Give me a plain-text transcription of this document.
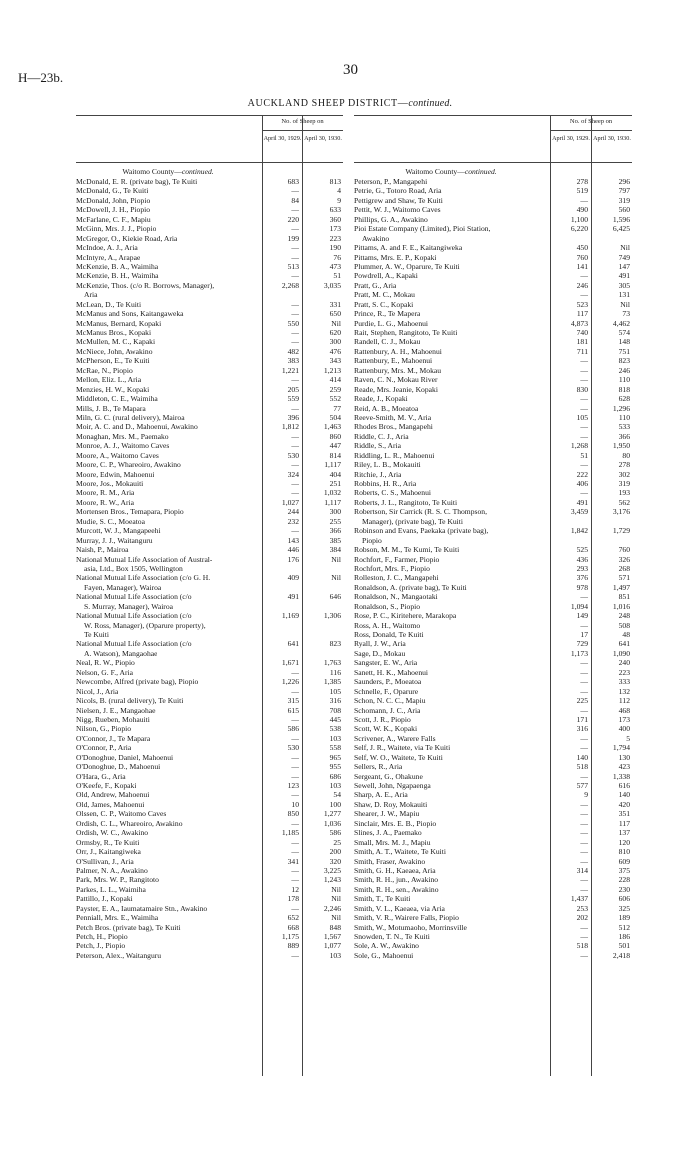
H—23b.	30
AUCKLAND SHEEP DISTRICT—continued.
No. of Sheep on
April 30, 1929. April 30, 1930.
Waitomo County—continued.
McDonald, E. R. (private bag), Te Kuiti	683	813
McDonald, G., Te Kuiti	—	4
McDonald, John, Piopio	84	9
McDowell, J. H., Piopio	—	633
McFarlane, C. F., Mapiu	220	360
McGinn, Mrs. J. J., Piopio	—	173
McGregor, O., Kiekie Road, Aria	199	223
McIndoe, A. J., Aria	—	190
McIntyre, A., Arapae	—	76
McKenzie, B. A., Waimiha	513	473
McKenzie, B. H., Waimiha	—	51
McKenzie, Thos. (c/o R. Borrows, Manager),	2,268	3,035
Aria
McLean, D., Te Kuiti	—	331
McManus and Sons, Kaitangaweka	—	650
McManus, Bernard, Kopaki	550	Nil
McManus Bros., Kopaki	—	620
McMullen, M. C., Kapaki	—	300
McNiece, John, Awakino	482	476
McPherson, E., Te Kuiti	383	343
McRae, N., Piopio	1,221	1,213
Mellon, Eliz. L., Aria	—	414
Menzies, H. W., Kopaki	205	259
Middleton, C. E., Waimiha	559	552
Mills, J. B., Te Mapara	—	77
Miln, G. C. (rural delivery), Mairoa	396	504
Moir, A. C. and D., Mahoenui, Awakino	1,812	1,463
Monaghan, Mrs. M., Paemako	—	860
Monroe, A. J., Waitomo Caves	—	447
Moore, A., Waitomo Caves	530	814
Moore, C. P., Whareoiro, Awakino	—	1,117
Moore, Edwin, Mahoenui	324	404
Moore, Jos., Mokauiti	—	251
Moore, R. M., Aria	—	1,032
Moore, R. W., Aria	1,027	1,117
Mortensen Bros., Temapara, Piopio	244	300
Mudie, S. C., Moeatoa	232	255
Murcott, W. J., Mangapeehi	—	366
Murray, J. J., Waitanguru	143	385
Naish, P., Mairoa	446	384
National Mutual Life Association of Austral-	176	Nil
asia, Ltd., Box 1505, Wellington
National Mutual Life Association (c/o G. H.	409	Nil
Fayen, Manager), Wairoa
National Mutual Life Association (c/o	491	646
S. Murray, Manager), Wairoa
National Mutual Life Association (c/o	1,169	1,306
W. Ross, Manager), (Oparure property),
Te Kuiti
National Mutual Life Association (c/o	641	823
A. Watson), Mangaohae
Neal, R. W., Piopio	1,671	1,763
Nelson, G. F., Aria	—	116
Newcombe, Alfred (private bag), Piopio	1,226	1,385
Nicol, J., Aria	—	105
Nicols, B. (rural delivery), Te Kuiti	315	316
Nielsen, J. E., Mangaohae	615	708
Nigg, Rueben, Mohauiti	—	445
Nilson, G., Piopio	586	538
O'Connor, J., Te Mapara	—	103
O'Connor, P., Aria	530	558
O'Donoghue, Daniel, Mahoenui	—	965
O'Donoghue, D., Mahoenui	—	955
O'Hara, G., Aria	—	686
O'Keefe, F., Kopaki	123	103
Old, Andrew, Mahoenui	—	54
Old, James, Mahoenui	10	100
Olssen, C. P., Waitomo Caves	850	1,277
Ordish, C. L., Whareoiro, Awakino	—	1,036
Ordish, W. C., Awakino	1,185	586
Ormsby, R., Te Kuiti	—	25
Orr, J., Kaitangiweka	—	200
O'Sullivan, J., Aria	341	320
Palmer, N. A., Awakino	—	3,225
Park, Mrs. W. P., Rangitoto	—	1,243
Parkes, L. L., Waimiha	12	Nil
Pattillo, J., Kopaki	178	Nil
Payster, E. A., Iaumatamaire Stn., Awakino	—	2,246
Penniall, Mrs. E., Waimiha	652	Nil
Petch Bros. (private bag), Te Kuiti	668	848
Petch, H., Piopio	1,175	1,567
Petch, J., Piopio	889	1,077
Peterson, Alex., Waitanguru	—	103
No. of Sheep on
April 30, 1929. April 30, 1930.
Waitomo County—continued.
Peterson, P., Mangapehi	278	296
Petrie, G., Totoro Road, Aria	519	797
Pettigrew and Shaw, Te Kuiti	—	319
Pettit, W. J., Waitomo Caves	490	560
Phillips, G. A., Awakino	1,100	1,596
Pioi Estate Company (Limited), Pioi Station,	6,220	6,425
Awakino
Pittams, A. and F. E., Kaitangiweka	450	Nil
Pittams, Mrs. E. P., Kopaki	760	749
Plummer, A. W., Oparure, Te Kuiti	141	147
Powdrell, A., Kapaki	—	491
Pratt, G., Aria	246	305
Pratt, M. C., Mokau	—	131
Pratt, S. C., Kopaki	523	Nil
Prince, R., Te Mapera	117	73
Purdie, L. G., Mahoenui	4,873	4,462
Rait, Stephen, Rangitoto, Te Kuiti	740	574
Randell, C. J., Mokau	181	148
Rattenbury, A. H., Mahoenui	711	751
Rattenbury, E., Mahoenui	—	823
Rattenbury, Mrs. M., Mokau	—	246
Raven, C. N., Mokau River	—	110
Reade, Mrs. Jeanie, Kopaki	830	818
Reade, J., Kopaki	—	628
Reid, A. B., Moeatoa	—	1,296
Reeve-Smith, M. V., Aria	105	110
Rhodes Bros., Mangapehi	—	533
Riddle, C. J., Aria	—	366
Riddle, S., Aria	1,268	1,950
Riddling, L. R., Mahoenui	51	80
Riley, L. B., Mokauiti	—	278
Ritchie, J., Aria	222	302
Robbins, H. R., Aria	406	319
Roberts, C. S., Mahoenui	—	193
Roberts, J. L., Rangitoto, Te Kuiti	491	562
Robertson, Sir Carrick (R. S. C. Thompson,	3,459	3,176
Manager), (private bag), Te Kuiti
Robinson and Evans, Paekaka (private bag),	1,842	1,729
Piopio
Robson, M. M., Te Kumi, Te Kuiti	525	760
Rochfort, F., Farmer, Piopio	436	326
Rochfort, Mrs. F., Piopio	293	268
Rolleston, J. C., Mangapehi	376	571
Ronaldson, A. (private bag), Te Kuiti	978	1,497
Ronaldson, N., Mangaotaki	—	851
Ronaldson, S., Piopio	1,094	1,016
Rose, P. C., Kiritehere, Marakopa	149	248
Ross, A. H., Waitomo	—	508
Ross, Donald, Te Kuiti	17	48
Ryall, J. W., Aria	729	641
Sage, D., Mokau	1,173	1,090
Sangster, E. W., Aria	—	240
Sanett, H. K., Mahoenui	—	223
Saunders, P., Moeatoa	—	333
Schnelle, F., Oparure	—	132
Schon, N. C. C., Mapiu	225	112
Schomann, J. C., Aria	—	468
Scott, J. R., Piopio	171	173
Scott, W. K., Kopaki	316	400
Scrivener, A., Warere Falls	—	5
Self, J. R., Waitete, via Te Kuiti	—	1,794
Self, W. O., Waitete, Te Kuiti	140	130
Sellers, R., Aria	518	423
Sergeant, G., Ohakune	—	1,338
Sewell, John, Ngapaenga	577	616
Sharp, A. E., Aria	9	140
Shaw, D. Roy, Mokauiti	—	420
Shearer, J. W., Mapiu	—	351
Sinclair, Mrs. E. B., Piopio	—	117
Slines, J. A., Paemako	—	137
Small, Mrs. M. J., Mapiu	—	120
Smith, A. T., Waitete, Te Kuiti	—	810
Smith, Fraser, Awakino	—	609
Smith, G. H., Kaeaea, Aria	314	375
Smith, R. H., jun., Awakino	—	228
Smith, R. H., sen., Awakino	—	230
Smith, T., Te Kuiti	1,437	606
Smith, V. L., Kaeaea, via Aria	253	325
Smith, V. R., Wairere Falls, Piopio	202	189
Smith, W., Motumaoho, Morrinsville	—	512
Snowden, T. N., Te Kuiti	—	186
Sole, A. W., Awakino	518	501
Sole, G., Mahoenui	—	2,418
